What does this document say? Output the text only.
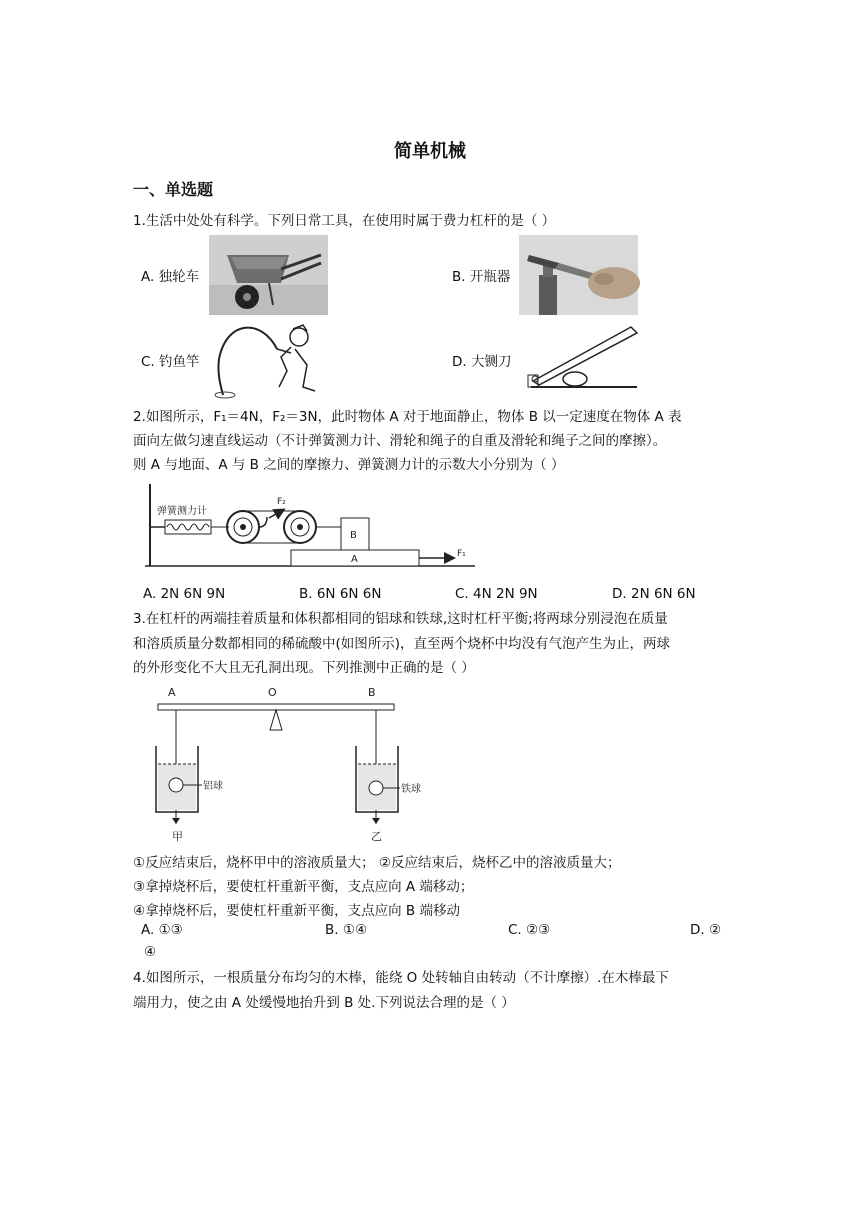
简单机械
一、单选题
1.生活中处处有科学。下列日常工具，在使用时属于费力杠杆的是（ ）
A. 独轮车	B. 开瓶器
C. 钓鱼竿	D. 大铡刀
2.如图所示，F₁＝4N，F₂＝3N，此时物体 A 对于地面静止，物体 B 以一定速度在物体 A 表
面向左做匀速直线运动（不计弹簧测力计、滑轮和绳子的自重及滑轮和绳子之间的摩擦）。
则 A 与地面、A 与 B 之间的摩擦力、弹簧测力计的示数大小分别为（ ）
弹簧测力计
F₂
B
A	F₁
A. 2N 6N 9N	B. 6N 6N 6N	C. 4N 2N 9N	D. 2N 6N 6N
3.在杠杆的两端挂着质量和体积都相同的铝球和铁球,这时杠杆平衡;将两球分别浸泡在质量
和溶质质量分数都相同的稀硫酸中(如图所示)，直至两个烧杯中均没有气泡产生为止，两球
的外形变化不大且无孔洞出现。下列推测中正确的是（ ）
A	O	B
铝球
甲
铁球
乙
①反应结束后，烧杯甲中的溶液质量大； ②反应结束后，烧杯乙中的溶液质量大；
③拿掉烧杯后，要使杠杆重新平衡，支点应向 A 端移动；
④拿掉烧杯后，要使杠杆重新平衡，支点应向 B 端移动
A. ①③	B. ①④	C. ②③	D. ②
④
4.如图所示，一根质量分布均匀的木棒，能绕 O 处转轴自由转动（不计摩擦）.在木棒最下
端用力，使之由 A 处缓慢地抬升到 B 处.下列说法合理的是（ ）
